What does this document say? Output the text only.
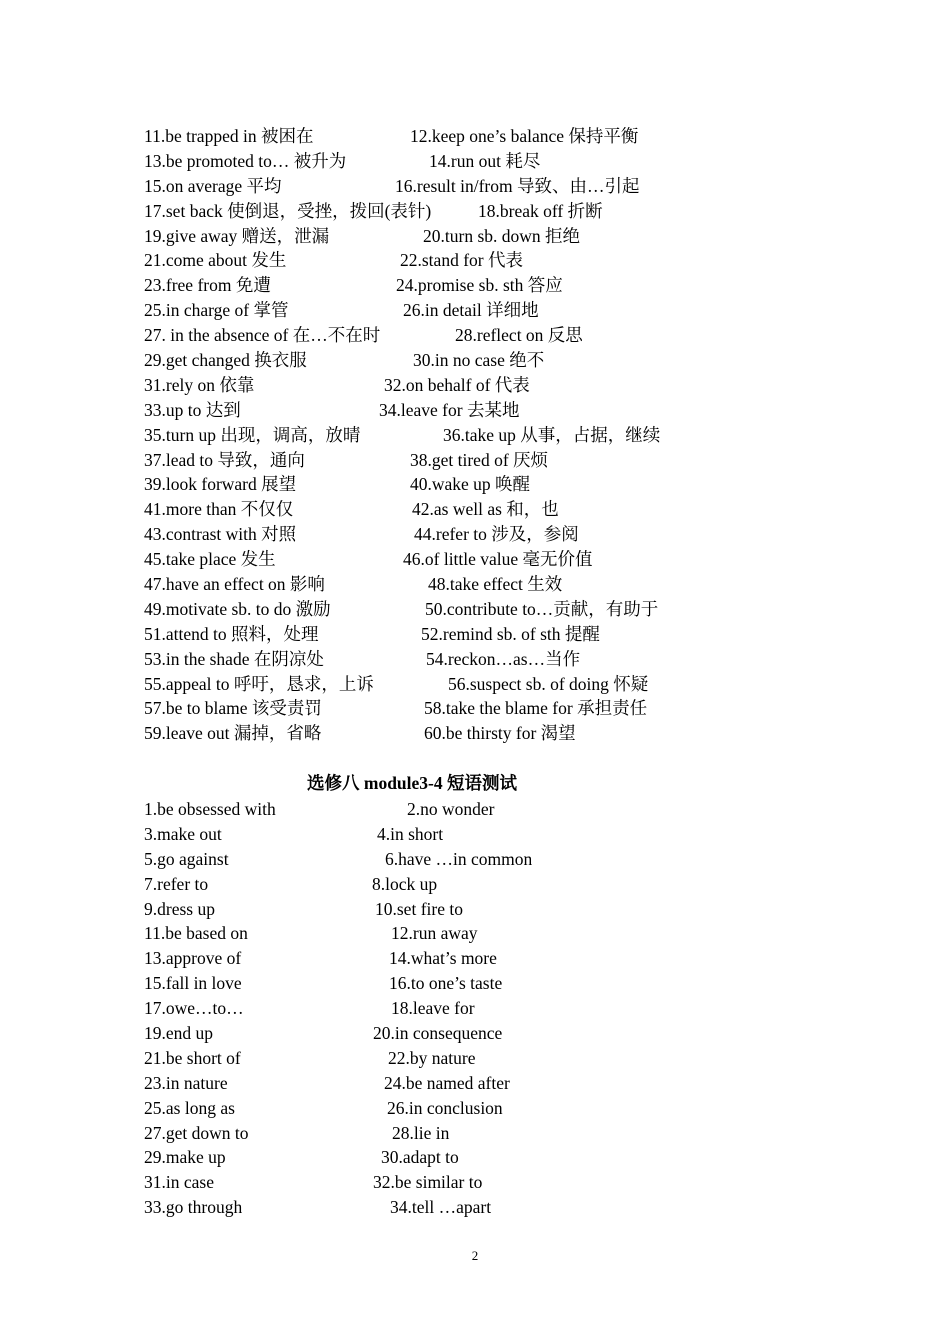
11.be trapped in 被困在	12.keep one’s balance 保持平衡
13.be promoted to… 被升为	14.run out 耗尽
15.on average 平均	16.result in/from 导致、由…引起
17.set back 使倒退，受挫，拨回(表针)	18.break off 折断
19.give away 赠送，泄漏	20.turn sb. down 拒绝
21.come about 发生	22.stand for 代表
23.free from 免遭	24.promise sb. sth 答应
25.in charge of 掌管	26.in detail 详细地
27. in the absence of 在…不在时	28.reflect on 反思
29.get changed 换衣服	30.in no case 绝不
31.rely on 依靠	32.on behalf of 代表
33.up to 达到	34.leave for 去某地
35.turn up 出现，调高，放晴	36.take up 从事，占据，继续
37.lead to 导致，通向	38.get tired of 厌烦
39.look forward 展望	40.wake up 唤醒
41.more than 不仅仅	42.as well as 和，也
43.contrast with 对照	44.refer to 涉及，参阅
45.take place 发生	46.of little value 毫无价值
47.have an effect on 影响	48.take effect 生效
49.motivate sb. to do 激励	50.contribute to…贡献，有助于
51.attend to 照料，处理	52.remind sb. of sth 提醒
53.in the shade 在阴凉处	54.reckon…as…当作
55.appeal to 呼吁，恳求，上诉	56.suspect sb. of doing 怀疑
57.be to blame 该受责罚	58.take the blame for 承担责任
59.leave out 漏掉，省略	60.be thirsty for 渴望
选修八 module3-4 短语测试
1.be obsessed with	2.no wonder
3.make out	4.in short
5.go against	6.have …in common
7.refer to	8.lock up
9.dress up	10.set fire to
11.be based on	12.run away
13.approve of	14.what’s more
15.fall in love	16.to one’s taste
17.owe…to…	18.leave for
19.end up	20.in consequence
21.be short of	22.by nature
23.in nature	24.be named after
25.as long as	26.in conclusion
27.get down to	28.lie in
29.make up	30.adapt to
31.in case	32.be similar to
33.go through	34.tell …apart
2
